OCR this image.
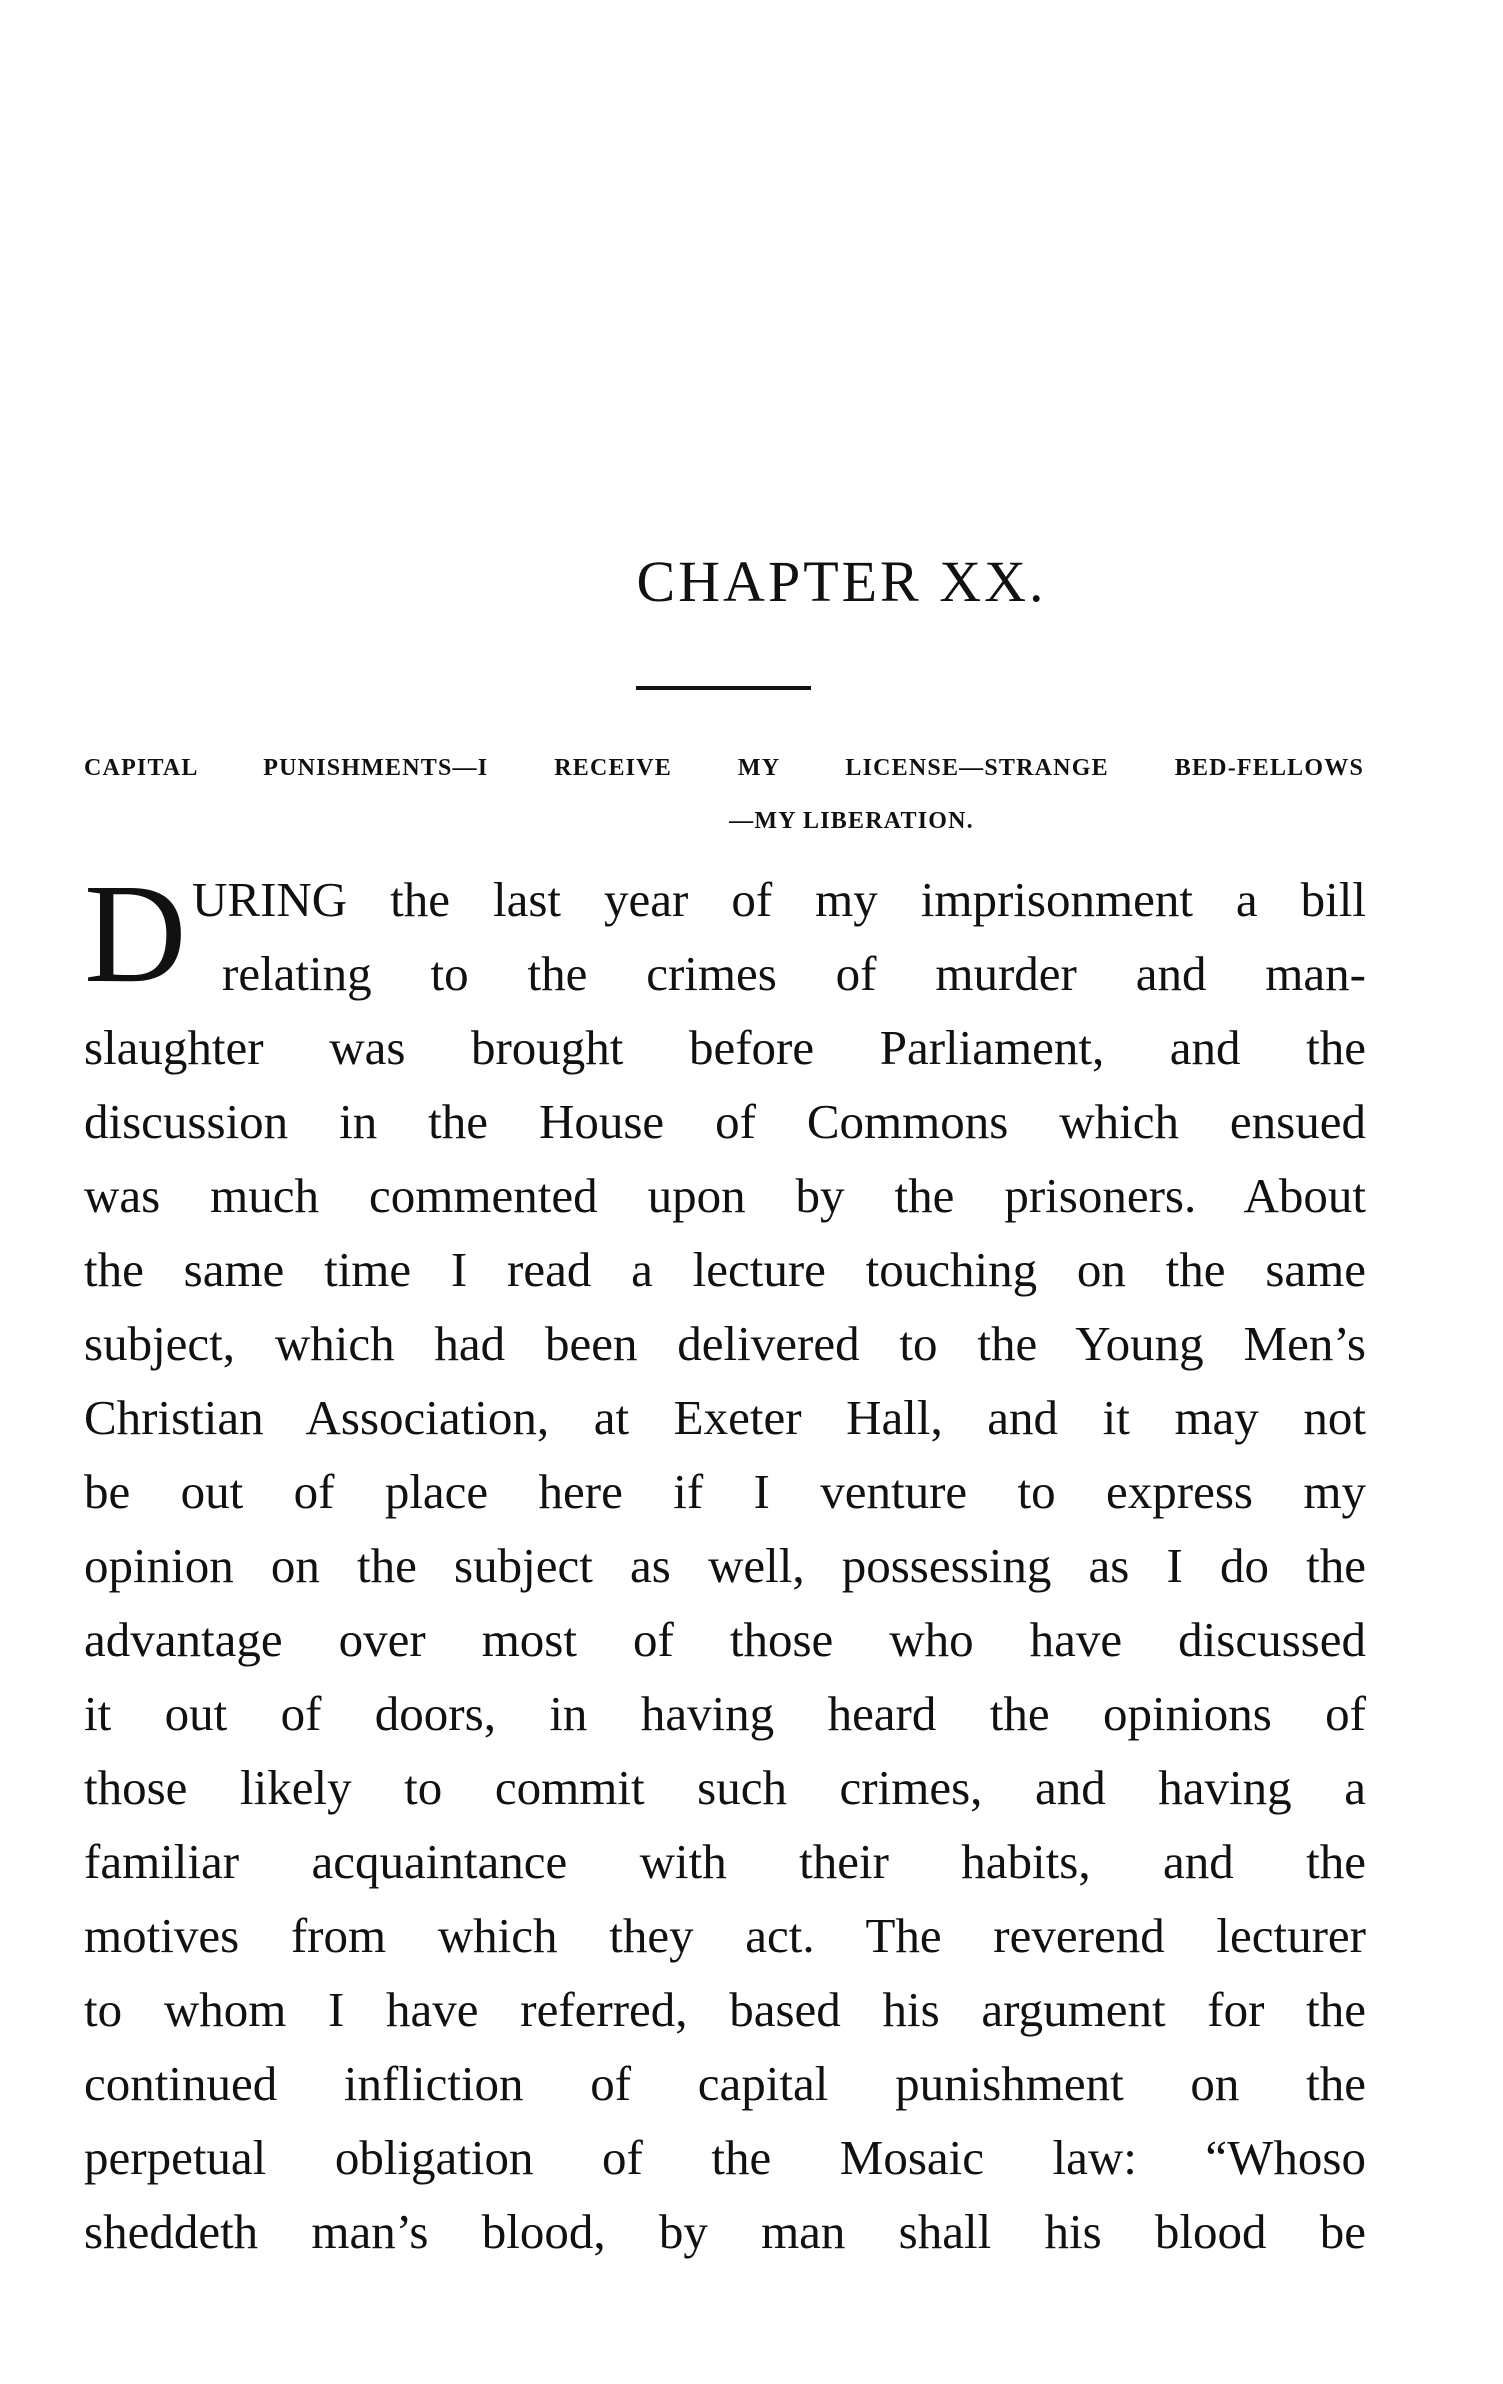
CHAPTER XX.
CAPITAL PUNISHMENTS—I RECEIVE MY LICENSE—STRANGE BED-FELLOWS
—MY LIBERATION.
D URING the last year of my imprisonment a bill
relating to the crimes of murder and man-
slaughter was brought before Parliament, and the
discussion in the House of Commons which ensued
was much commented upon by the prisoners. About
the same time I read a lecture touching on the same
subject, which had been delivered to the Young Men’s
Christian Association, at Exeter Hall, and it may not
be out of place here if I venture to express my
opinion on the subject as well, possessing as I do the
advantage over most of those who have discussed
it out of doors, in having heard the opinions of
those likely to commit such crimes, and having a
familiar acquaintance with their habits, and the
motives from which they act. The reverend lecturer
to whom I have referred, based his argument for the
continued infliction of capital punishment on the
perpetual obligation of the Mosaic law: “Whoso
sheddeth man’s blood, by man shall his blood be
